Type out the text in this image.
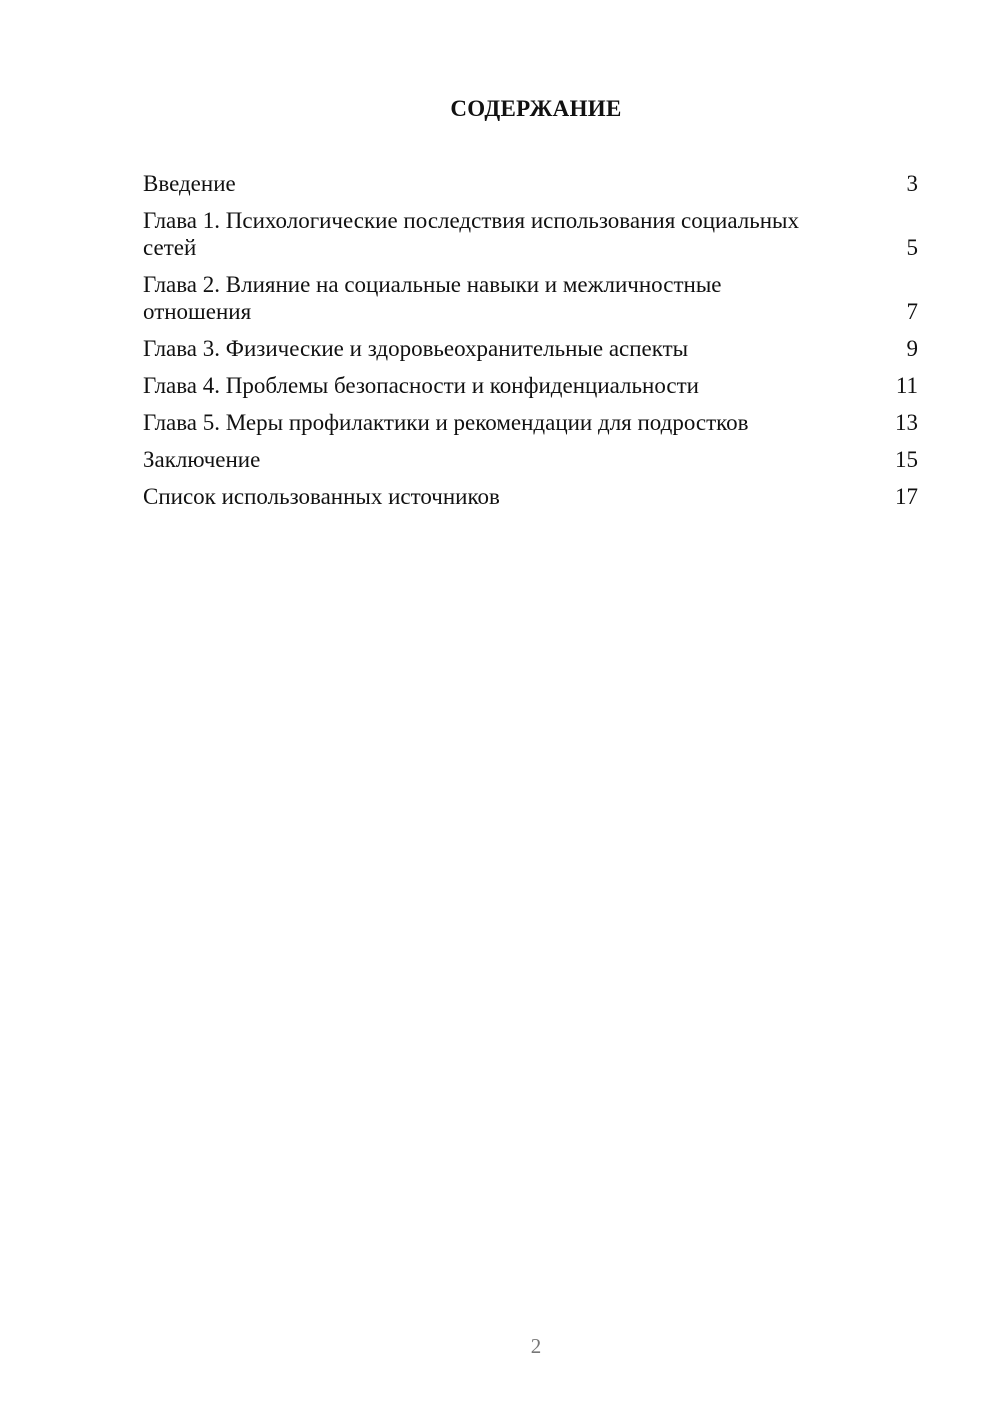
СОДЕРЖАНИЕ
Введение	3
Глава 1. Психологические последствия использования социальных сетей	5
Глава 2. Влияние на социальные навыки и межличностные отношения	7
Глава 3. Физические и здоровьеохранительные аспекты	9
Глава 4. Проблемы безопасности и конфиденциальности	11
Глава 5. Меры профилактики и рекомендации для подростков	13
Заключение	15
Список использованных источников	17
2
